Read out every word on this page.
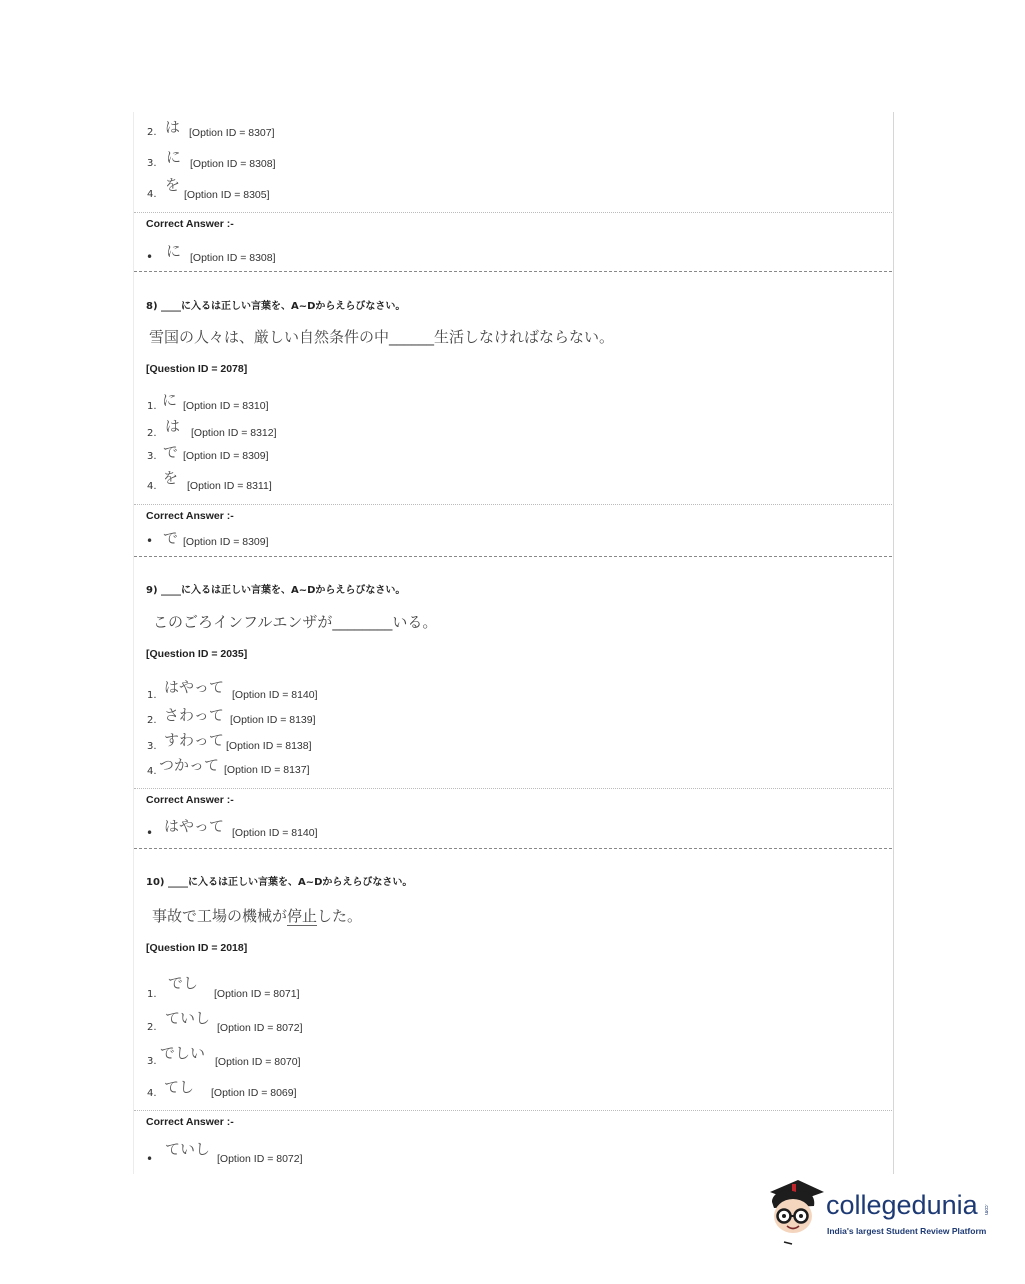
2. は [Option ID = 8307]
3. に [Option ID = 8308]
4.
を
[Option ID = 8305]
Correct Answer :-
• に [Option ID = 8308]
8) ____に入るは正しい言葉を、A~Dからえらびなさい。
雪国の人々は、厳しい自然条件の中______生活しなければならない。
[Question ID = 2078]
1. に [Option ID = 8310]
2. は [Option ID = 8312]
3. で [Option ID = 8309]
4. を [Option ID = 8311]
Correct Answer :-
• で [Option ID = 8309]
9) ____に入るは正しい言葉を、A~Dからえらびなさい。
このごろインフルエンザが________いる。
[Question ID = 2035]
1. はやって [Option ID = 8140]
2. さわって [Option ID = 8139]
3. すわって [Option ID = 8138]
4. つかって [Option ID = 8137]
Correct Answer :-
• はやって [Option ID = 8140]
10) ____に入るは正しい言葉を、A~Dからえらびなさい。
事故で工場の機械が停止した。
[Question ID = 2018]
1.
でし
[Option ID = 8071]
2.
ていし
[Option ID = 8072]
3. でしい [Option ID = 8070]
4. てし [Option ID = 8069]
Correct Answer :-
•
ていし
[Option ID = 8072]
collegedunia .com
India's largest Student Review Platform
